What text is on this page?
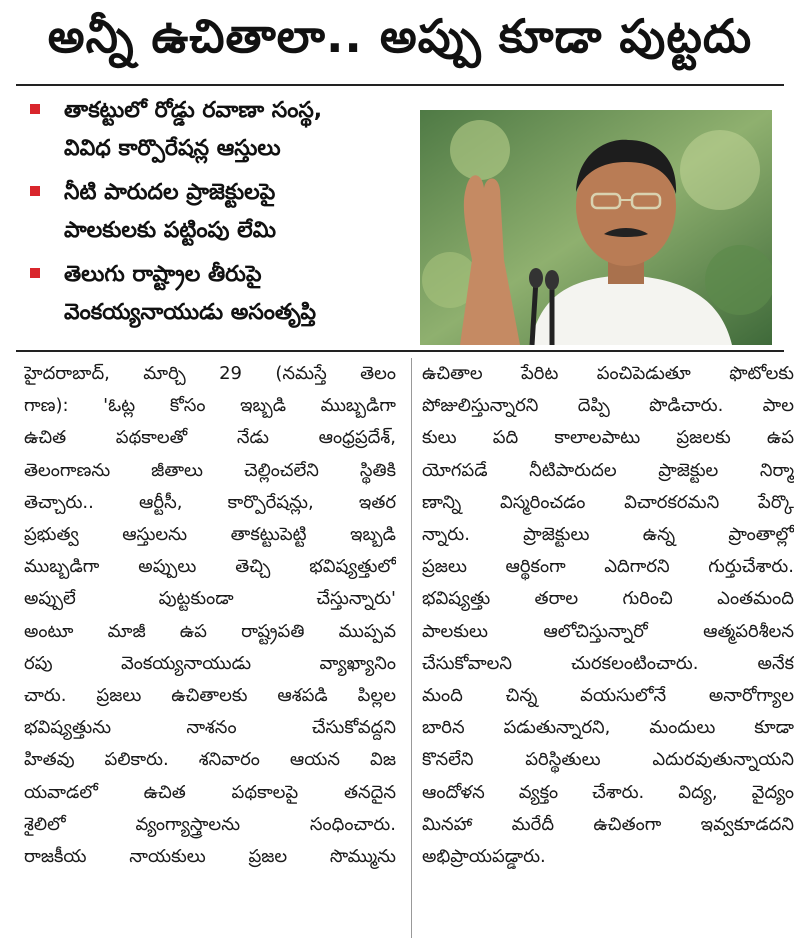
అన్నీ ఉచితాలా.. అప్పు కూడా పుట్టదు
తాకట్టులో రోడ్డు రవాణా సంస్థ,
వివిధ కార్పొరేషన్ల ఆస్తులు
నీటి పారుదల ప్రాజెక్టులపై
పాలకులకు పట్టింపు లేమి
తెలుగు రాష్ట్రాల తీరుపై
వెంకయ్యనాయుడు అసంతృప్తి
హైదరాబాద్, మార్చి 29 (నమస్తే తెలం
గాణ): 'ఓట్ల కోసం ఇబ్బడి ముబ్బడిగా
ఉచిత పథకాలతో నేడు ఆంధ్రప్రదేశ్,
తెలంగాణను జీతాలు చెల్లించలేని స్థితికి
తెచ్చారు.. ఆర్టీసీ, కార్పొరేషన్లు, ఇతర
ప్రభుత్వ ఆస్తులను తాకట్టుపెట్టి ఇబ్బడి
ముబ్బడిగా అప్పులు తెచ్చి భవిష్యత్తులో
అప్పులే పుట్టకుండా చేస్తున్నారు'
అంటూ మాజీ ఉప రాష్ట్రపతి ముప్పవ
రపు వెంకయ్యనాయుడు వ్యాఖ్యానిం
చారు. ప్రజలు ఉచితాలకు ఆశపడి పిల్లల
భవిష్యత్తును నాశనం చేసుకోవద్దని
హితవు పలికారు. శనివారం ఆయన విజ
యవాడలో ఉచిత పథకాలపై తనదైన
శైలిలో వ్యంగ్యాస్త్రాలను సంధించారు.
రాజకీయ నాయకులు ప్రజల సొమ్మును
ఉచితాల పేరిట పంచిపెడుతూ ఫొటోలకు
పోజులిస్తున్నారని దెప్పి పొడిచారు. పాల
కులు పది కాలాలపాటు ప్రజలకు ఉప
యోగపడే నీటిపారుదల ప్రాజెక్టుల నిర్మా
ణాన్ని విస్మరించడం విచారకరమని పేర్కొ
న్నారు. ప్రాజెక్టులు ఉన్న ప్రాంతాల్లో
ప్రజలు ఆర్థికంగా ఎదిగారని గుర్తుచేశారు.
భవిష్యత్తు తరాల గురించి ఎంతమంది
పాలకులు ఆలోచిస్తున్నారో ఆత్మపరిశీలన
చేసుకోవాలని చురకలంటించారు. అనేక
మంది చిన్న వయసులోనే అనారోగ్యాల
బారిన పడుతున్నారని, మందులు కూడా
కొనలేని పరిస్థితులు ఎదురవుతున్నాయని
ఆందోళన వ్యక్తం చేశారు. విద్య, వైద్యం
మినహా మరేదీ ఉచితంగా ఇవ్వకూడదని
అభిప్రాయపడ్డారు.
